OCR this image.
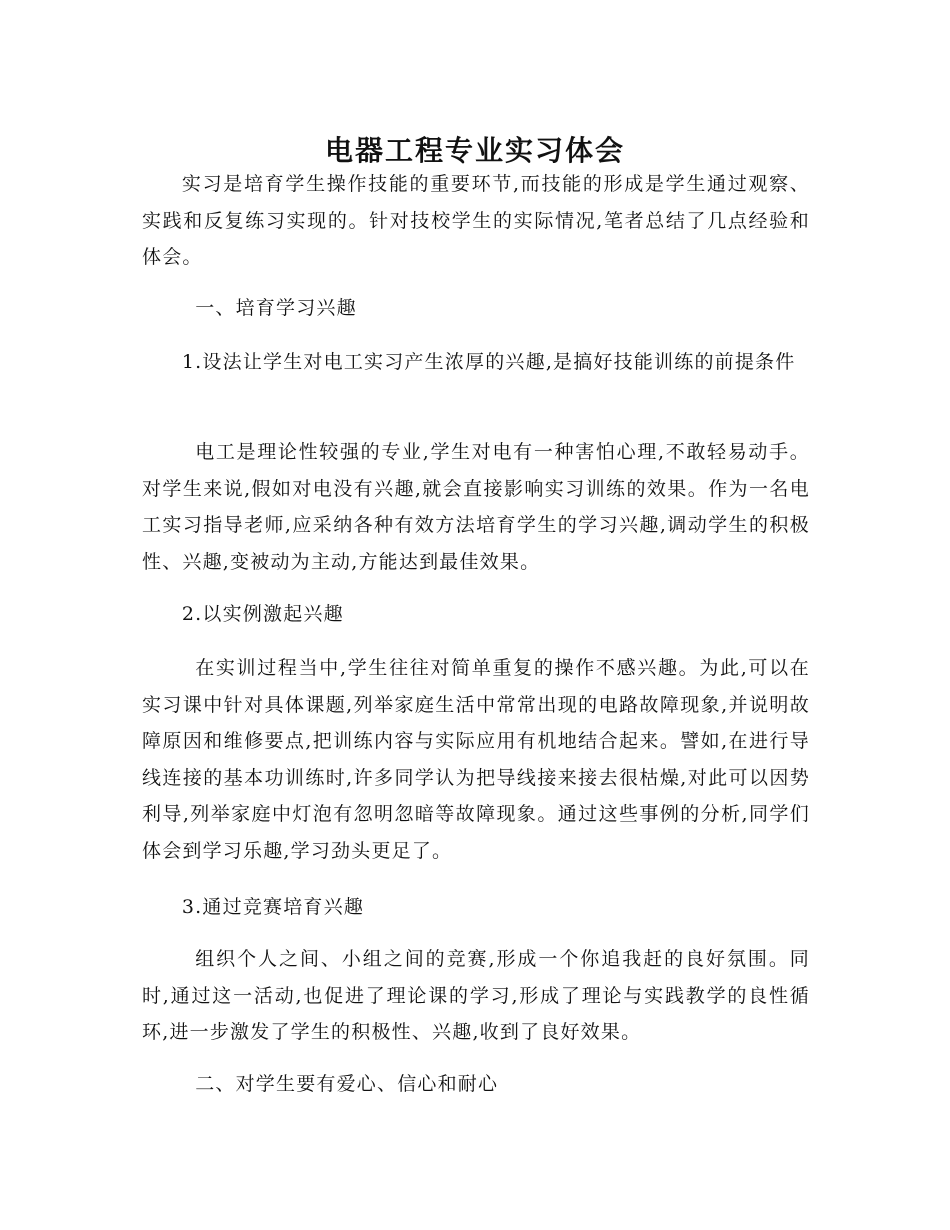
电器工程专业实习体会

实习是培育学生操作技能的重要环节,而技能的形成是学生通过观察、实践和反复练习实现的。针对技校学生的实际情况,笔者总结了几点经验和体会。

一、培育学习兴趣

1.设法让学生对电工实习产生浓厚的兴趣,是搞好技能训练的前提条件

电工是理论性较强的专业,学生对电有一种害怕心理,不敢轻易动手。对学生来说,假如对电没有兴趣,就会直接影响实习训练的效果。作为一名电工实习指导老师,应采纳各种有效方法培育学生的学习兴趣,调动学生的积极性、兴趣,变被动为主动,方能达到最佳效果。

2.以实例激起兴趣

在实训过程当中,学生往往对简单重复的操作不感兴趣。为此,可以在实习课中针对具体课题,列举家庭生活中常常出现的电路故障现象,并说明故障原因和维修要点,把训练内容与实际应用有机地结合起来。譬如,在进行导线连接的基本功训练时,许多同学认为把导线接来接去很枯燥,对此可以因势利导,列举家庭中灯泡有忽明忽暗等故障现象。通过这些事例的分析,同学们体会到学习乐趣,学习劲头更足了。

3.通过竞赛培育兴趣

组织个人之间、小组之间的竞赛,形成一个你追我赶的良好氛围。同时,通过这一活动,也促进了理论课的学习,形成了理论与实践教学的良性循环,进一步激发了学生的积极性、兴趣,收到了良好效果。

二、对学生要有爱心、信心和耐心
